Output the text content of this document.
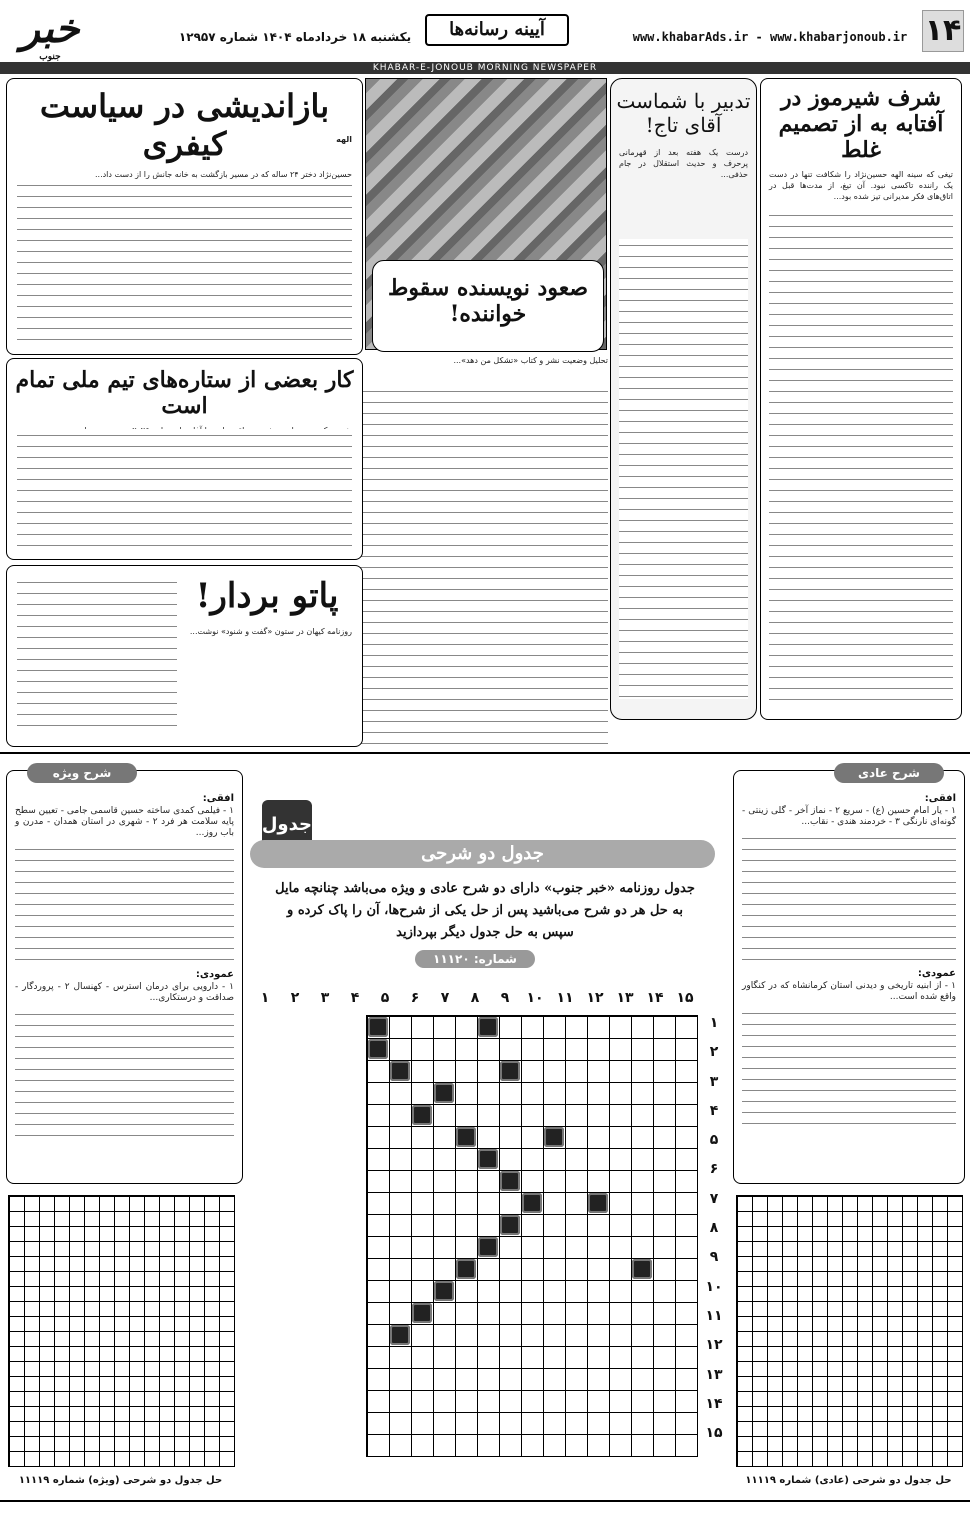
۱۴
www.khabarAds.ir - www.khabarjonoub.ir
آیینه رسانه‌ها
یکشنبه ۱۸ خردادماه ۱۴۰۴ شماره ۱۲۹۵۷
خبر
جنوب
KHABAR-E-JONOUB MORNING NEWSPAPER
شرف شیرموز در آفتابه به از تصمیم غلط
تیغی که سینه الهه حسین‌نژاد را شکافت تنها در دست یک راننده تاکسی نبود. آن تیغ، از مدت‌ها قبل در اتاق‌های فکر مدیرانی تیز شده بود...
تدبیر با شماست آقای تاج!
درست یک هفته بعد از قهرمانی پرحرف و حدیث استقلال در جام حذفی...
صعود نویسنده سقوط خواننده!
تحلیل وضعیت نشر و کتاب «تشکل من دهد»...
بازاندیشی در سیاست کیفری	الهه
حسین‌نژاد دختر ۲۴ ساله که در مسیر بازگشت به خانه جانش را از دست داد...
کار بعضی از ستاره‌های تیم ملی تمام است
پاتو بردار!
روزنامه کیهان در ستون «گفت و شنود» نوشت...
شرح ویژه
افقی:
۱ - فیلمی کمدی ساخته حسین قاسمی جامی - تعیین سطح پایه سلامت هر فرد ۲ - شهری در استان همدان - مدرن و باب روز...
عمودی:
۱ - دارویی برای درمان استرس - کهنسال ۲ - پروردگار - صداقت و درستکاری...
شرح عادی
افقی:
۱ - یار امام حسین (ع) - سریع ۲ - نماز آخر - گلی زینتی - گونه‌ای نارنگی ۳ - خردمند هندی - نقاب...
عمودی:
۱ - از ابنیه تاریخی و دیدنی استان کرمانشاه که در کنگاور واقع شده است...
جدول
جدول دو شرحی
جدول روزنامه «خبر جنوب» دارای دو شرح عادی و ویژه می‌باشد چنانچه مایل به حل هر دو شرح می‌باشید پس از حل یکی از شرح‌ها، آن را پاک کرده و سپس به حل جدول دیگر بپردازید
شماره: ۱۱۱۲۰
۱	۲	۳	۴	۵	۶	۷	۸	۹	۱۰ ۱۱ ۱۲ ۱۳ ۱۴ ۱۵
۱
۲
۳
۴
۵
۶
۷
۸
۹
۱۰
۱۱
۱۲
۱۳
۱۴
۱۵
حل جدول دو شرحی (ویژه) شماره ۱۱۱۱۹	حل جدول دو شرحی (عادی) شماره ۱۱۱۱۹
